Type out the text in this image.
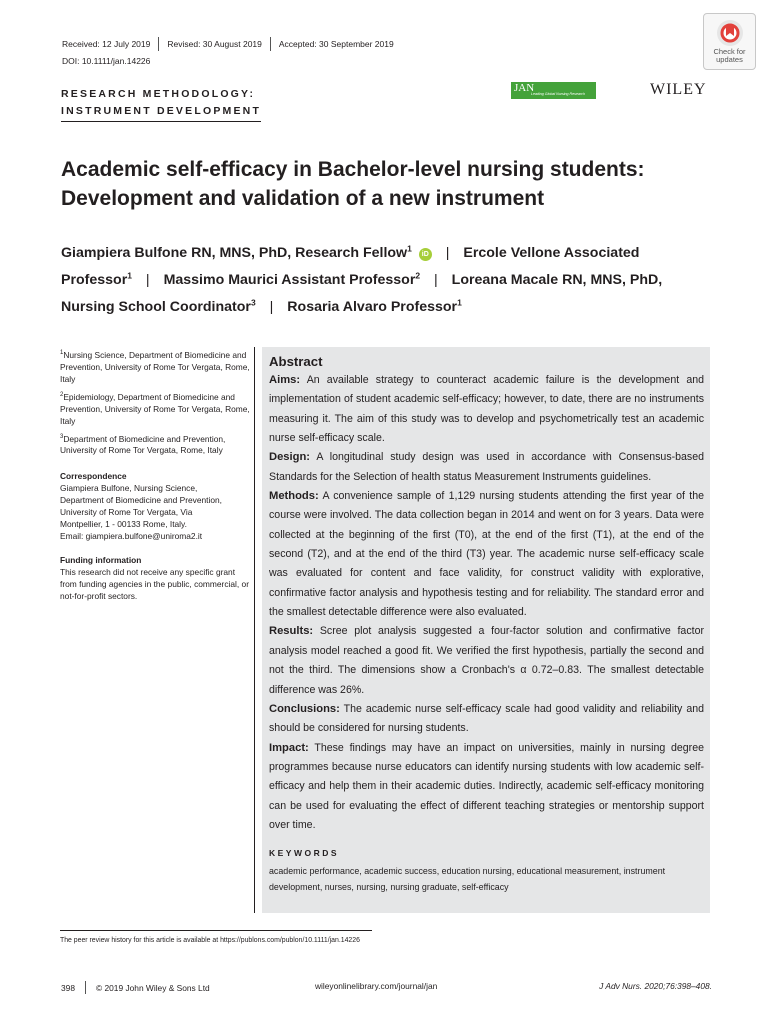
Received: 12 July 2019 Revised: 30 August 2019 Accepted: 30 September 2019
DOI: 10.1111/jan.14226
Check for
updates
RESEARCH METHODOLOGY:
INSTRUMENT DEVELOPMENT
JAN
Leading Global Nursing Research	WILEY
Academic self-efficacy in Bachelor-level nursing students:
Development and validation of a new instrument
Giampiera Bulfone RN, MNS, PhD, Research Fellow$^1$ iD | Ercole Vellone Associated
Professor$^1$ | Massimo Maurici Assistant Professor$^2$ | Loreana Macale RN, MNS, PhD,
Nursing School Coordinator$^3$ | Rosaria Alvaro Professor$^1$
$^1$Nursing Science, Department of Biomedicine and Prevention, University of Rome Tor Vergata, Rome, Italy
$^2$Epidemiology, Department of Biomedicine and Prevention, University of Rome Tor Vergata, Rome, Italy
$^3$Department of Biomedicine and Prevention, University of Rome Tor Vergata, Rome, Italy
Correspondence
Giampiera Bulfone, Nursing Science,
Department of Biomedicine and Prevention,
University of Rome Tor Vergata, Via
Montpellier, 1 - 00133 Rome, Italy.
Email: giampiera.bulfone@uniroma2.it
Funding information
This research did not receive any specific grant from funding agencies in the public, commercial, or not-for-profit sectors.
Abstract

Aims: An available strategy to counteract academic failure is the development and implementation of student academic self-efficacy; however, to date, there are no instruments measuring it. The aim of this study was to develop and psychometrically test an academic nurse self-efficacy scale.

Design: A longitudinal study design was used in accordance with Consensus-based Standards for the Selection of health status Measurement Instruments guidelines.

Methods: A convenience sample of 1,129 nursing students attending the first year of the course were involved. The data collection began in 2014 and went on for 3 years. Data were collected at the beginning of the first (T0), at the end of the first (T1), at the end of the second (T2), and at the end of the third (T3) year. The academic nurse self-efficacy scale was evaluated for content and face validity, for construct validity with explorative, confirmative factor analysis and hypothesis testing and for reliability. The standard error and the smallest detectable difference were also evaluated.

Results: Scree plot analysis suggested a four-factor solution and confirmative factor analysis model reached a good fit. We verified the first hypothesis, partially the second and not the third. The dimensions show a Cronbach's α 0.72–0.83. The smallest detectable difference was 26%.

Conclusions: The academic nurse self-efficacy scale had good validity and reliability and should be considered for nursing students.

Impact: These findings may have an impact on universities, mainly in nursing degree programmes because nurse educators can identify nursing students with low academic self-efficacy and help them in their academic duties. Indirectly, academic self-efficacy monitoring can be used for evaluating the effect of different teaching strategies or mentorship support over time.

KEYWORDS
academic performance, academic success, education nursing, educational measurement, instrument development, nurses, nursing, nursing graduate, self-efficacy
The peer review history for this article is available at https://publons.com/publon/10.1111/jan.14226
398	© 2019 John Wiley & Sons Ltd	wileyonlinelibrary.com/journal/jan	J Adv Nurs. 2020;76:398–408.
